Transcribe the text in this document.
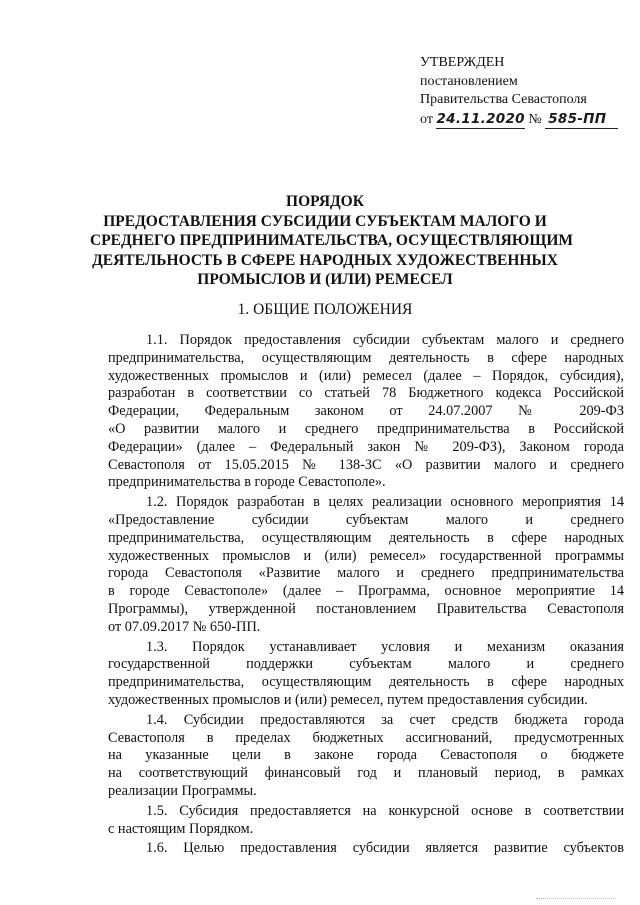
УТВЕРЖДЕН
постановлением
Правительства Севастополя
от 24.11.2020 № 585-ПП
ПОРЯДОК
ПРЕДОСТАВЛЕНИЯ СУБСИДИИ СУБЪЕКТАМ МАЛОГО И
СРЕДНЕГО ПРЕДПРИНИМАТЕЛЬСТВА, ОСУЩЕСТВЛЯЮЩИМ
ДЕЯТЕЛЬНОСТЬ В СФЕРЕ НАРОДНЫХ ХУДОЖЕСТВЕННЫХ
ПРОМЫСЛОВ И (ИЛИ) РЕМЕСЕЛ
1. ОБЩИЕ ПОЛОЖЕНИЯ
1.1. Порядок предоставления субсидии субъектам малого и среднего
предпринимательства, осуществляющим деятельность в сфере народных
художественных промыслов и (или) ремесел (далее – Порядок, субсидия),
разработан в соответствии со статьей 78 Бюджетного кодекса Российской
Федерации, Федеральным законом от 24.07.2007 № 209-ФЗ
«О развитии малого и среднего предпринимательства в Российской
Федерации» (далее – Федеральный закон № 209-ФЗ), Законом города
Севастополя от 15.05.2015 № 138-ЗС «О развитии малого и среднего
предпринимательства в городе Севастополе».
1.2. Порядок разработан в целях реализации основного мероприятия 14
«Предоставление субсидии субъектам малого и среднего
предпринимательства, осуществляющим деятельность в сфере народных
художественных промыслов и (или) ремесел» государственной программы
города Севастополя «Развитие малого и среднего предпринимательства
в городе Севастополе» (далее – Программа, основное мероприятие 14
Программы), утвержденной постановлением Правительства Севастополя
от 07.09.2017 № 650-ПП.
1.3. Порядок устанавливает условия и механизм оказания
государственной поддержки субъектам малого и среднего
предпринимательства, осуществляющим деятельность в сфере народных
художественных промыслов и (или) ремесел, путем предоставления субсидии.
1.4. Субсидии предоставляются за счет средств бюджета города
Севастополя в пределах бюджетных ассигнований, предусмотренных
на указанные цели в законе города Севастополя о бюджете
на соответствующий финансовый год и плановый период, в рамках
реализации Программы.
1.5. Субсидия предоставляется на конкурсной основе в соответствии
с настоящим Порядком.
1.6. Целью предоставления субсидии является развитие субъектов
